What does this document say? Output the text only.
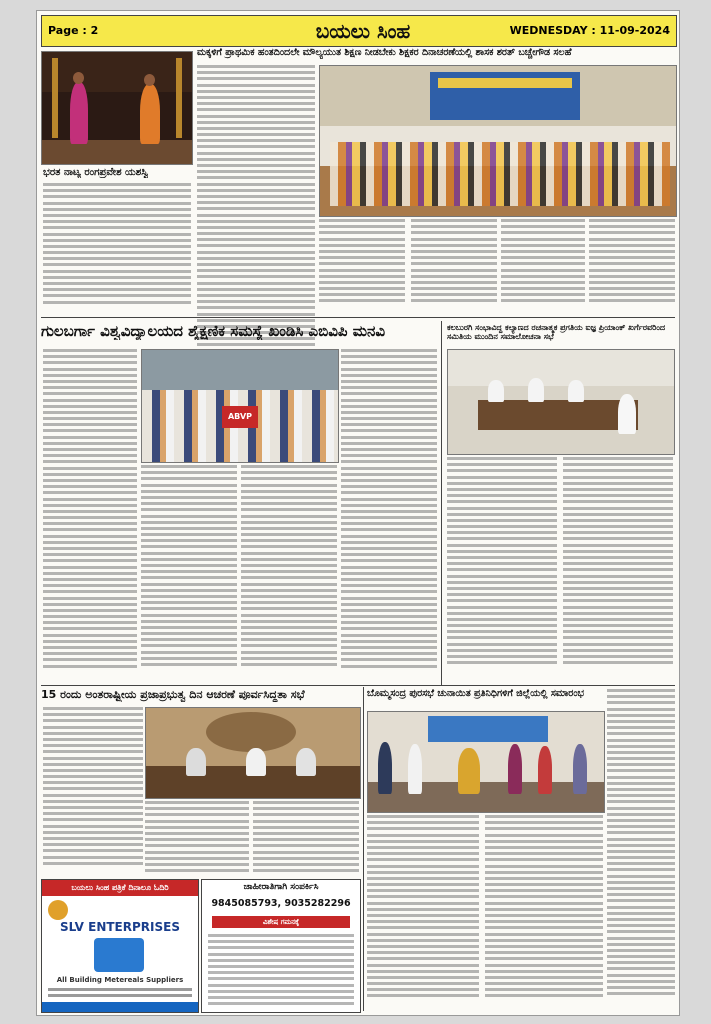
Page : 2	ಬಯಲು ಸಿಂಹ	WEDNESDAY : 11-09-2024
ಭರತ ನಾಟ್ಯ ರಂಗಪ್ರವೇಶ ಯಶಸ್ವಿ
ಮಕ್ಕಳಿಗೆ ಪ್ರಾಥಮಿಕ ಹಂತದಿಂದಲೇ ಮೌಲ್ಯಯುತ ಶಿಕ್ಷಣ ನೀಡಬೇಕು ಶಿಕ್ಷಕರ ದಿನಾಚರಣೆಯಲ್ಲಿ ಶಾಸಕ ಶರತ್ ಬಚ್ಚೇಗೌಡ ಸಲಹೆ
ಗುಲಬರ್ಗಾ ವಿಶ್ವವಿದ್ಯಾಲಯದ ಶೈಕ್ಷಣಿಕ ಸಮಸ್ಯೆ ಖಂಡಿಸಿ ಎಬಿವಿಪಿ ಮನವಿ
ABVP
ಕಲಬುರಗಿ ಸಂಭಾವಿದ್ದ ಕಲ್ಯಾಣದ ರಚನಾತ್ಮಕ ಪ್ರಗತಿಯ ಐಜ್ಞ ಪ್ರಿಯಾಂಕ್ ಖರ್ಗೆರವರಿಂದ ಸಮಿತಿಯ ಮುಂದಿನ ಸಮಾಲೋಚನಾ ಸಭೆ
15 ರಂದು ಅಂತರಾಷ್ಟ್ರೀಯ ಪ್ರಜಾಪ್ರಭುತ್ವ ದಿನ ಆಚರಣೆ ಪೂರ್ವಸಿದ್ಧತಾ ಸಭೆ	ಬೊಮ್ಮಸಂದ್ರ ಪುರಸಭೆ ಚುನಾಯಿತ ಪ್ರತಿನಿಧಿಗಳಿಗೆ ಜಿಲ್ಲೆಯಲ್ಲಿ ಸಮಾರಂಭ
ಬಯಲು ಸಿಂಹ ಪತ್ರಿಕೆ ದಿನಾಲೂ ಓದಿರಿ
SLV ENTERPRISES
All Building Metereals Suppliers
ಜಾಹೀರಾತಿಗಾಗಿ ಸಂಪರ್ಕಿಸಿ
9845085793, 9035282296
ವಿಶೇಷ ಗಮನಕ್ಕೆ
